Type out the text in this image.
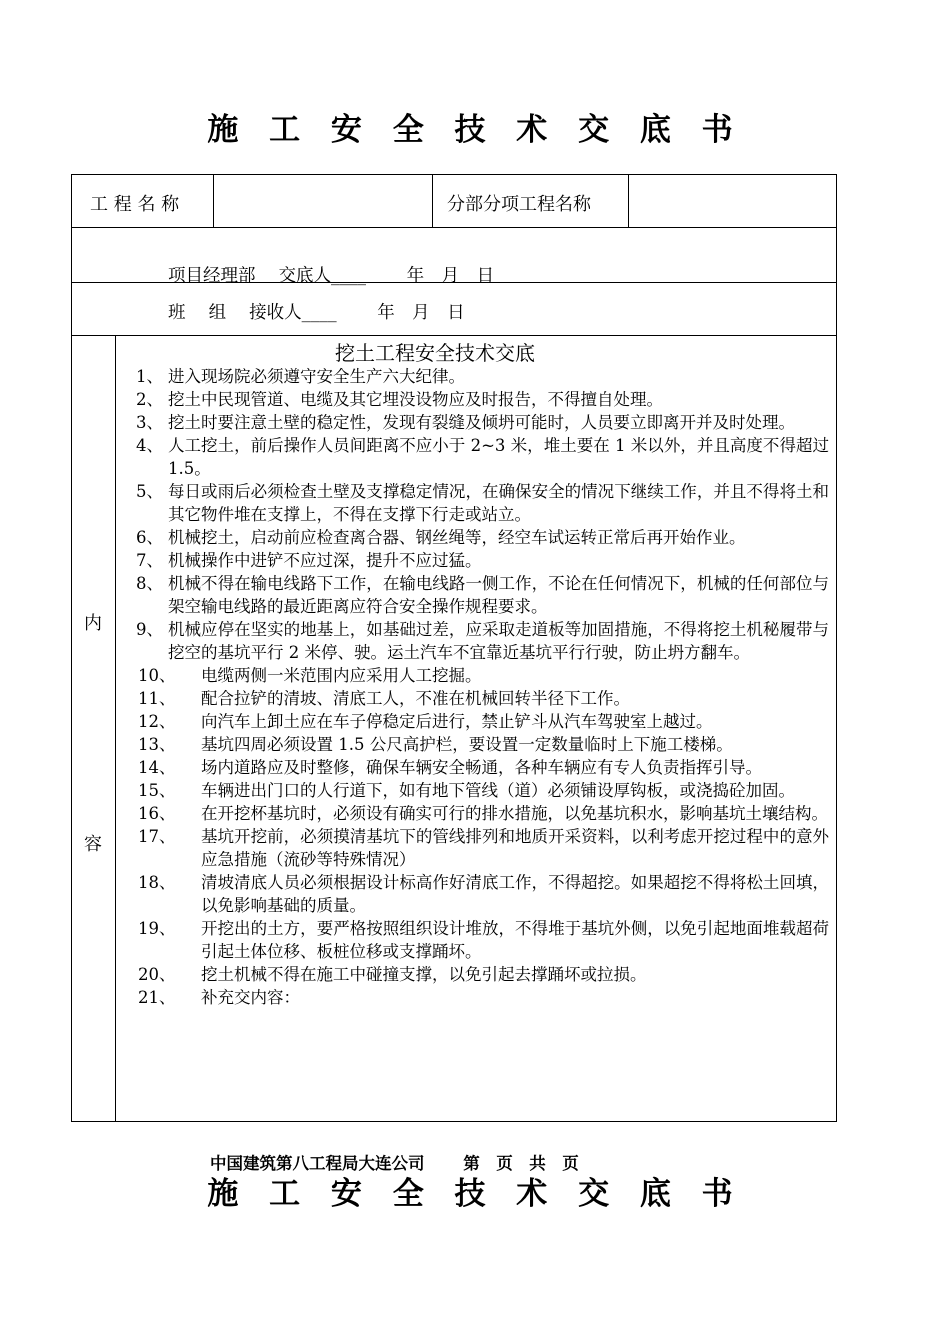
施 工 安 全 技 术 交 底 书
工 程 名 称	分部分项工程名称
项目经理部　 交底人____　　 年　月　日
班　 组　 接收人____　　 年　月　日
内
容
挖土工程安全技术交底
1、 进入现场院必须遵守安全生产六大纪律。
2、 挖土中民现管道、电缆及其它埋没设物应及时报告，不得擅自处理。
3、 挖土时要注意土壁的稳定性，发现有裂缝及倾坍可能时，人员要立即离开并及时处理。
4、 人工挖土，前后操作人员间距离不应小于 2~3 米，堆土要在 1 米以外，并且高度不得超过 1.5。
5、 每日或雨后必须检查土壁及支撑稳定情况，在确保安全的情况下继续工作，并且不得将土和其它物件堆在支撑上，不得在支撑下行走或站立。
6、 机械挖土，启动前应检查离合器、钢丝绳等，经空车试运转正常后再开始作业。
7、 机械操作中进铲不应过深，提升不应过猛。
8、 机械不得在输电线路下工作，在输电线路一侧工作，不论在任何情况下，机械的任何部位与架空输电线路的最近距离应符合安全操作规程要求。
9、 机械应停在坚实的地基上，如基础过差，应采取走道板等加固措施，不得将挖土机秘履带与挖空的基坑平行 2 米停、驶。运土汽车不宜靠近基坑平行行驶，防止坍方翻车。
10、	电缆两侧一米范围内应采用人工挖掘。
11、	配合拉铲的清坡、清底工人，不准在机械回转半径下工作。
12、	向汽车上卸土应在车子停稳定后进行，禁止铲斗从汽车驾驶室上越过。
13、	基坑四周必须设置 1.5 公尺高护栏，要设置一定数量临时上下施工楼梯。
14、	场内道路应及时整修，确保车辆安全畅通，各种车辆应有专人负责指挥引导。
15、	车辆进出门口的人行道下，如有地下管线（道）必须铺设厚钩板，或浇捣砼加固。
16、	在开挖杯基坑时，必须设有确实可行的排水措施，以免基坑积水，影响基坑土壤结构。
17、	基坑开挖前，必须摸清基坑下的管线排列和地质开采资料，以利考虑开挖过程中的意外应急措施（流砂等特殊情况）
18、	清坡清底人员必须根据设计标高作好清底工作，不得超挖。如果超挖不得将松土回填，以免影响基础的质量。
19、	开挖出的土方，要严格按照组织设计堆放，不得堆于基坑外侧，以免引起地面堆载超荷引起土体位移、板桩位移或支撑踊坏。
20、	挖土机械不得在施工中碰撞支撑，以免引起去撑踊坏或拉损。
21、	补充交内容：
中国建筑第八工程局大连公司　　 第　页　共　页
施 工 安 全 技 术 交 底 书
